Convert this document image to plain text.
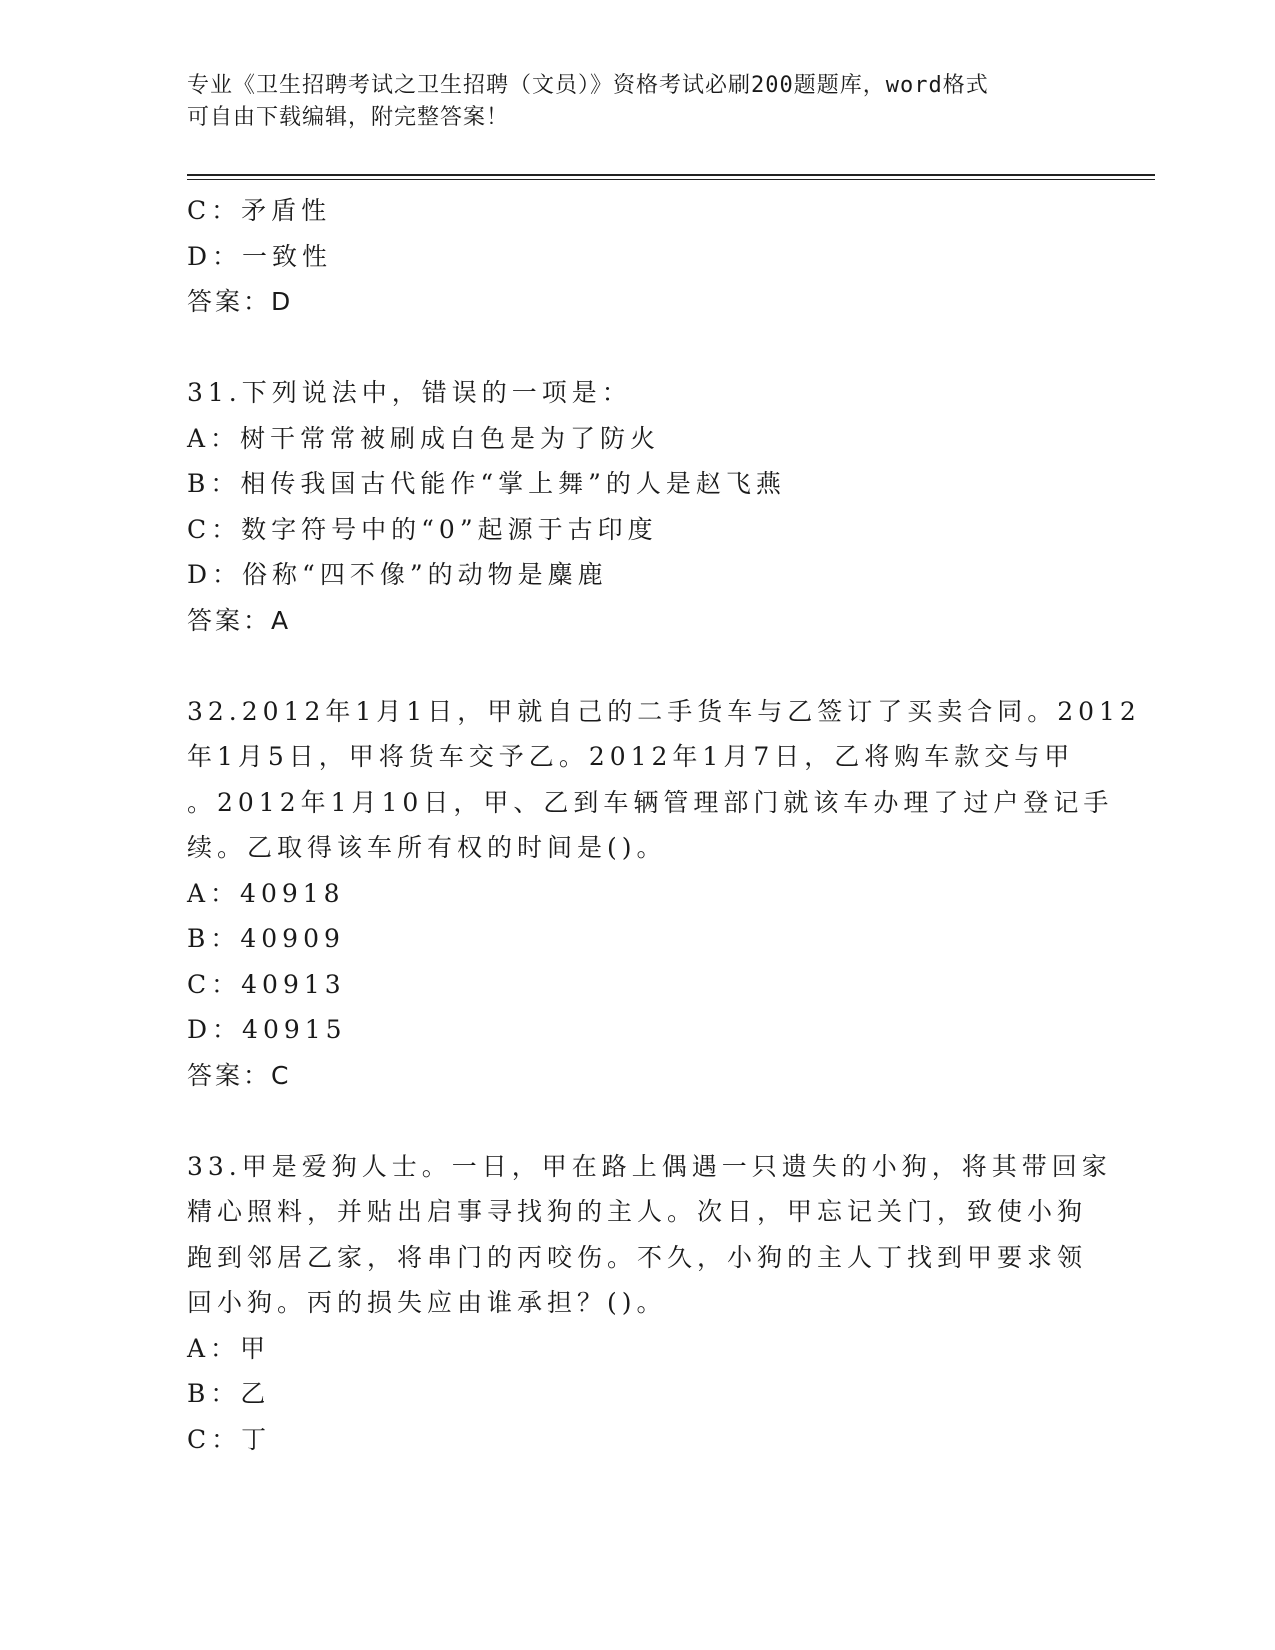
专业《卫生招聘考试之卫生招聘（文员）》资格考试必刷200题题库，word格式
可自由下载编辑，附完整答案！
C：矛盾性
D：一致性
答案：D
31.下列说法中，错误的一项是：
A：树干常常被刷成白色是为了防火
B：相传我国古代能作“掌上舞”的人是赵飞燕
C：数字符号中的“0”起源于古印度
D：俗称“四不像”的动物是麋鹿
答案：A
32.2012年1月1日，甲就自己的二手货车与乙签订了买卖合同。2012
年1月5日，甲将货车交予乙。2012年1月7日，乙将购车款交与甲
。2012年1月10日，甲、乙到车辆管理部门就该车办理了过户登记手
续。乙取得该车所有权的时间是()。
A：40918
B：40909
C：40913
D：40915
答案：C
33.甲是爱狗人士。一日，甲在路上偶遇一只遗失的小狗，将其带回家
精心照料，并贴出启事寻找狗的主人。次日，甲忘记关门，致使小狗
跑到邻居乙家，将串门的丙咬伤。不久，小狗的主人丁找到甲要求领
回小狗。丙的损失应由谁承担？()。
A：甲
B：乙
C：丁
